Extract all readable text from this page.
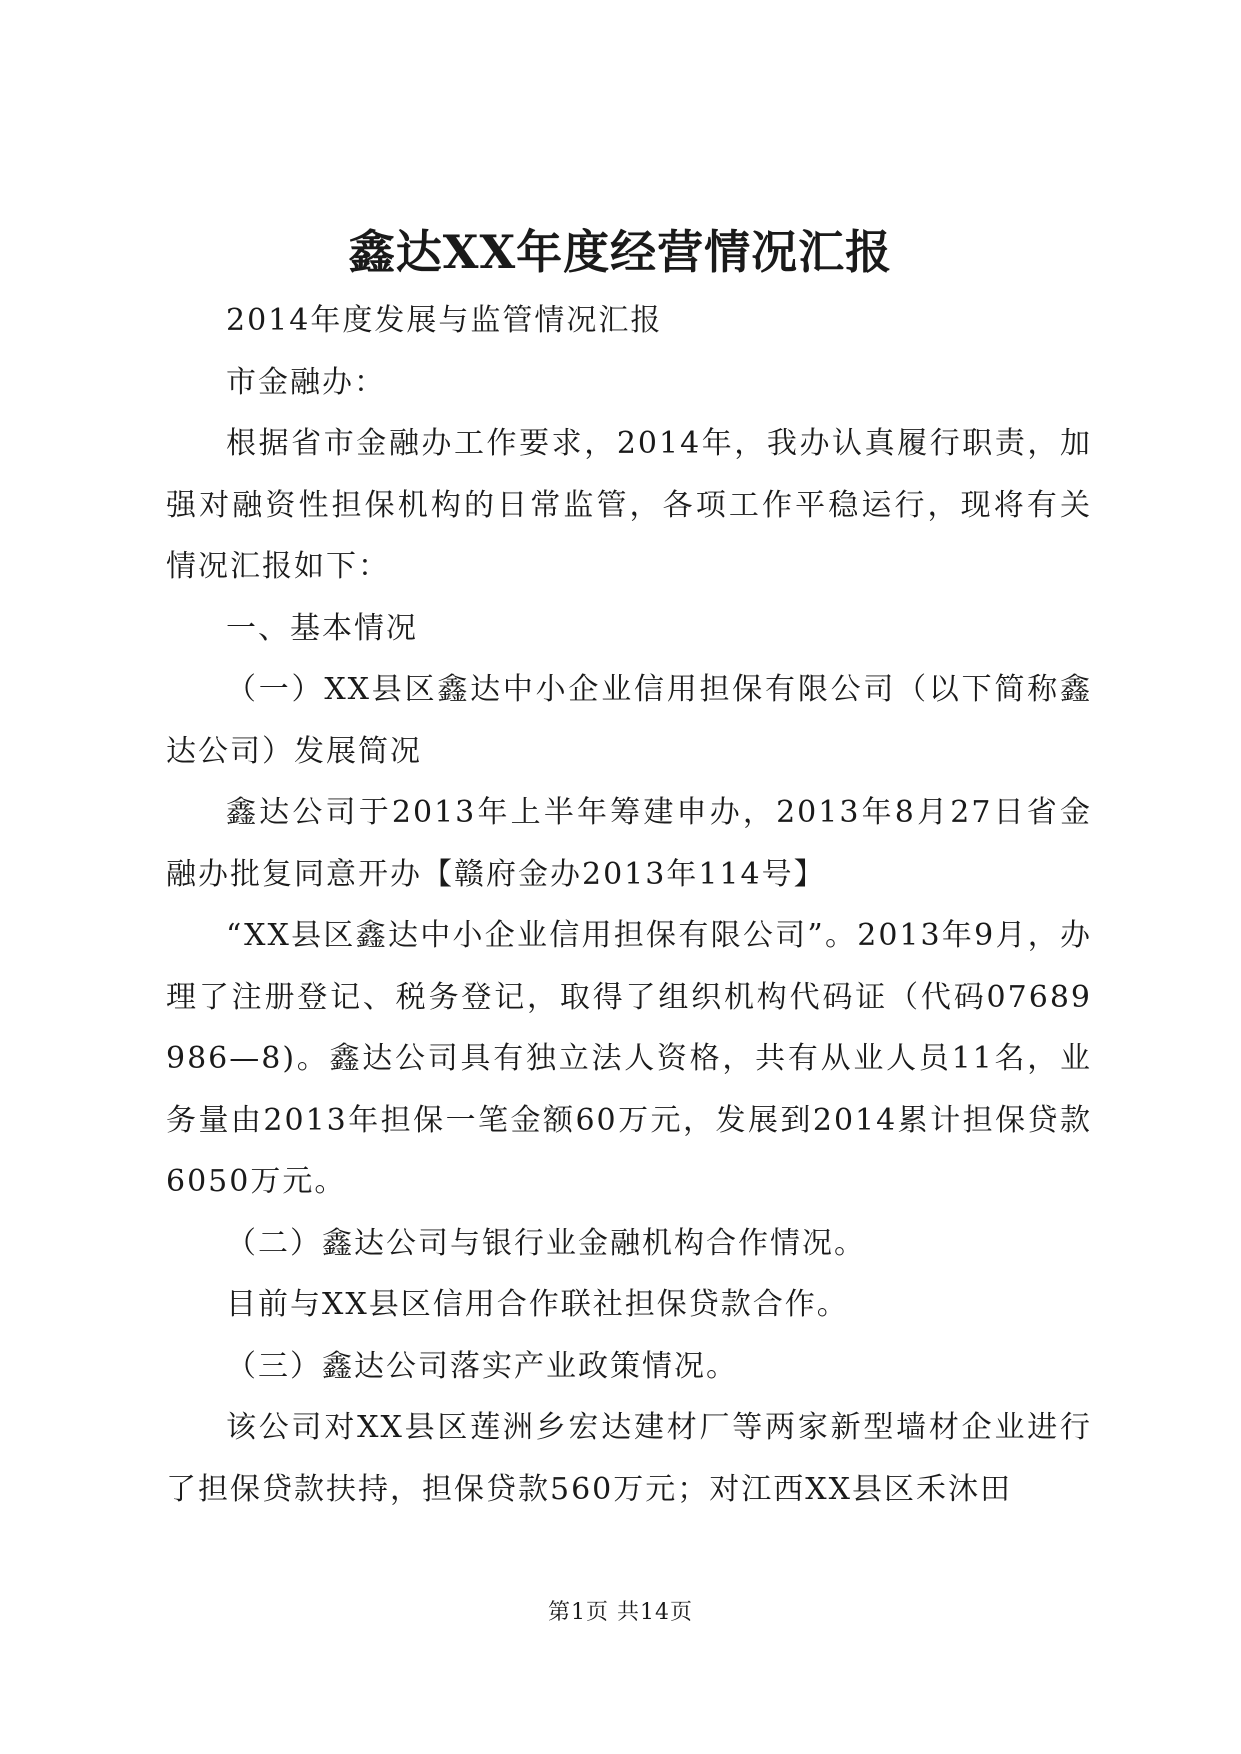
鑫达XX年度经营情况汇报

2014年度发展与监管情况汇报

市金融办：

根据省市金融办工作要求，2014年，我办认真履行职责，加强对融资性担保机构的日常监管，各项工作平稳运行，现将有关情况汇报如下：

一、基本情况

（一）XX县区鑫达中小企业信用担保有限公司（以下简称鑫达公司）发展简况

鑫达公司于2013年上半年筹建申办，2013年8月27日省金融办批复同意开办【赣府金办2013年114号】

“XX县区鑫达中小企业信用担保有限公司”。2013年9月，办理了注册登记、税务登记，取得了组织机构代码证（代码07689986—8)。鑫达公司具有独立法人资格，共有从业人员11名，业务量由2013年担保一笔金额60万元，发展到2014累计担保贷款6050万元。

（二）鑫达公司与银行业金融机构合作情况。

目前与XX县区信用合作联社担保贷款合作。

（三）鑫达公司落实产业政策情况。

该公司对XX县区莲洲乡宏达建材厂等两家新型墙材企业进行了担保贷款扶持，担保贷款560万元；对江西XX县区禾沐田

第1页 共14页
